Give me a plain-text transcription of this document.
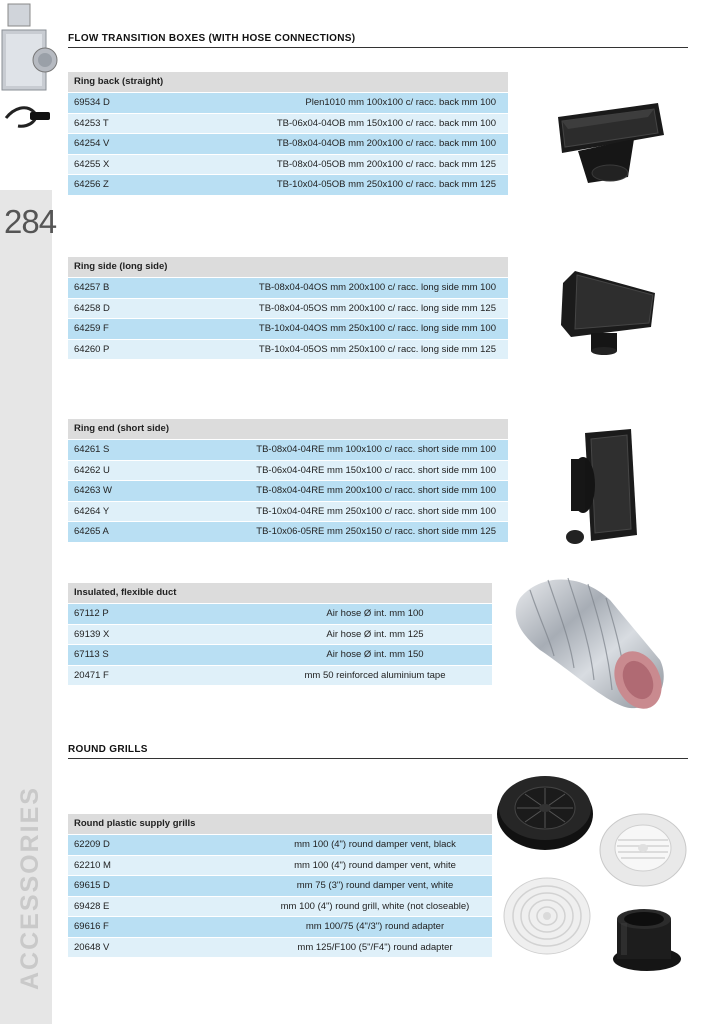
284
ACCESSORIES
FLOW TRANSITION BOXES (WITH HOSE CONNECTIONS)
Ring back (straight)
69534 D	Plen1010 mm 100x100 c/ racc. back mm 100
64253 T	TB-06x04-04OB mm 150x100 c/ racc. back mm 100
64254 V	TB-08x04-04OB mm 200x100 c/ racc. back mm 100
64255 X	TB-08x04-05OB mm 200x100 c/ racc. back mm 125
64256 Z	TB-10x04-05OB mm 250x100 c/ racc. back mm 125
Ring side (long side)
64257 B	TB-08x04-04OS mm 200x100 c/ racc. long side mm 100
64258 D	TB-08x04-05OS mm 200x100 c/ racc. long side mm 125
64259 F	TB-10x04-04OS mm 250x100 c/ racc. long side mm 100
64260 P	TB-10x04-05OS mm 250x100 c/ racc. long side mm 125
Ring end (short side)
64261 S	TB-08x04-04RE mm 100x100 c/ racc. short side mm 100
64262 U	TB-06x04-04RE mm 150x100 c/ racc. short side mm 100
64263 W	TB-08x04-04RE mm 200x100 c/ racc. short side mm 100
64264 Y	TB-10x04-04RE mm 250x100 c/ racc. short side mm 100
64265 A	TB-10x06-05RE mm 250x150 c/ racc. short side mm 125
Insulated, flexible duct
67112 P	Air hose Ø int. mm 100
69139 X	Air hose Ø int. mm 125
67113 S	Air hose Ø int. mm 150
20471 F	mm 50 reinforced aluminium tape
ROUND GRILLS
Round plastic supply grills
62209 D	mm 100 (4") round damper vent, black
62210 M	mm 100 (4") round damper vent, white
69615 D	mm 75 (3") round damper vent, white
69428 E	mm 100 (4") round grill, white (not closeable)
69616 F	mm 100/75 (4"/3") round adapter
20648 V	mm 125/F100 (5"/F4") round adapter
